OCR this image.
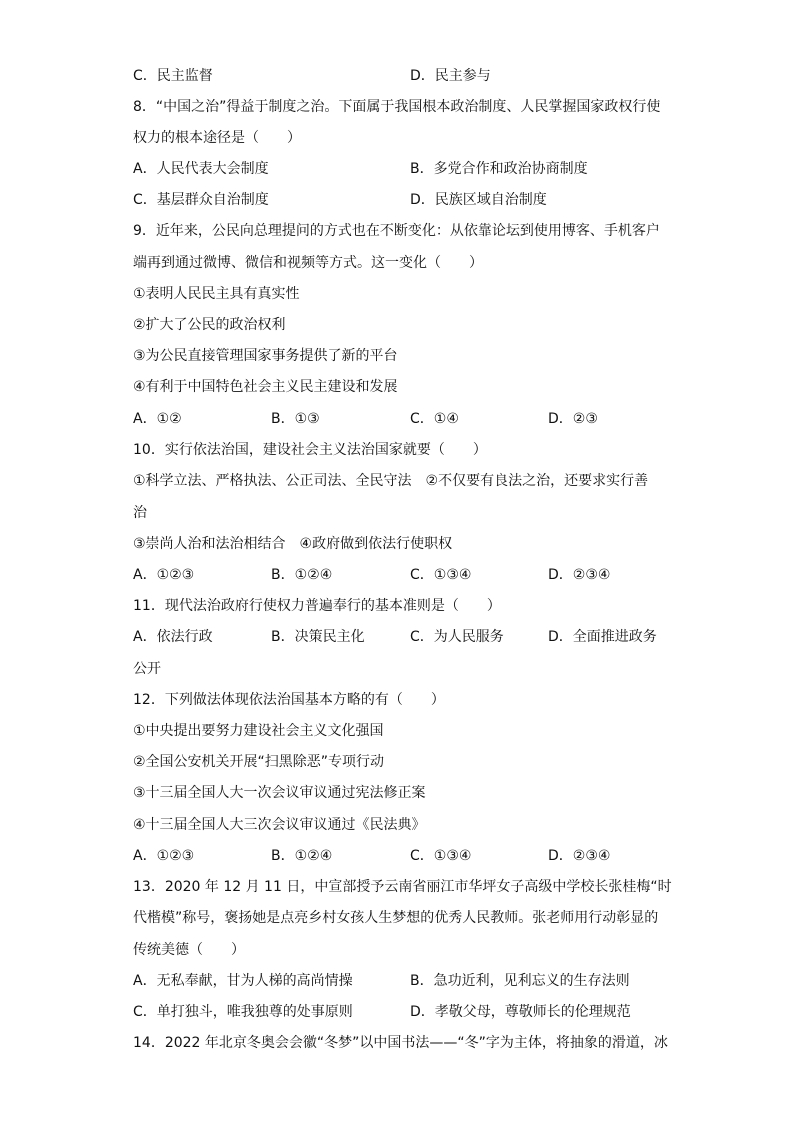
C．民主监督	D．民主参与
8．“中国之治”得益于制度之治。下面属于我国根本政治制度、人民掌握国家政权行使
权力的根本途径是（　　）
A．人民代表大会制度	B．多党合作和政治协商制度
C．基层群众自治制度	D．民族区域自治制度
9．近年来，公民向总理提问的方式也在不断变化：从依靠论坛到使用博客、手机客户
端再到通过微博、微信和视频等方式。这一变化（　　）
①表明人民民主具有真实性
②扩大了公民的政治权利
③为公民直接管理国家事务提供了新的平台
④有利于中国特色社会主义民主建设和发展
A．①②	B．①③	C．①④	D．②③
10．实行依法治国，建设社会主义法治国家就要（　　）
①科学立法、严格执法、公正司法、全民守法　②不仅要有良法之治，还要求实行善
治
③崇尚人治和法治相结合　④政府做到依法行使职权
A．①②③	B．①②④	C．①③④	D．②③④
11．现代法治政府行使权力普遍奉行的基本准则是（　　）
A．依法行政	B．决策民主化	C．为人民服务	D．全面推进政务
公开
12．下列做法体现依法治国基本方略的有（　　）
①中央提出要努力建设社会主义文化强国
②全国公安机关开展“扫黑除恶”专项行动
③十三届全国人大一次会议审议通过宪法修正案
④十三届全国人大三次会议审议通过《民法典》
A．①②③	B．①②④	C．①③④	D．②③④
13．2020 年 12 月 11 日，中宣部授予云南省丽江市华坪女子高级中学校长张桂梅“时
代楷模”称号，褒扬她是点亮乡村女孩人生梦想的优秀人民教师。张老师用行动彰显的
传统美德（　　）
A．无私奉献，甘为人梯的高尚情操	B．急功近利，见利忘义的生存法则
C．单打独斗，唯我独尊的处事原则	D．孝敬父母，尊敬师长的伦理规范
14．2022 年北京冬奥会会徽“冬梦”以中国书法——“冬”字为主体，将抽象的滑道，冰
